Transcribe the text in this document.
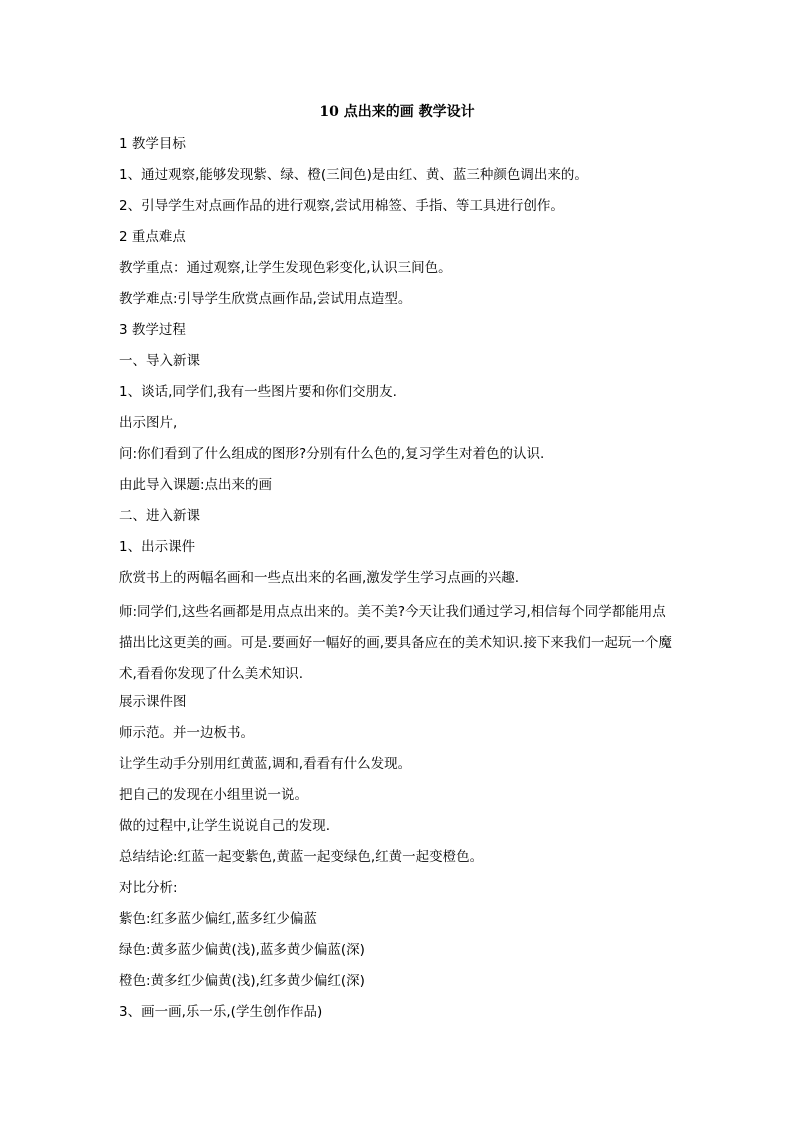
10 点出来的画 教学设计
1 教学目标
1、通过观察,能够发现紫、绿、橙(三间色)是由红、黄、蓝三种颜色调出来的。
2、引导学生对点画作品的进行观察,尝试用棉签、手指、等工具进行创作。
2 重点难点
教学重点：通过观察,让学生发现色彩变化,认识三间色。
教学难点:引导学生欣赏点画作品,尝试用点造型。
3 教学过程
一、导入新课
1、谈话,同学们,我有一些图片要和你们交朋友.
出示图片,
问:你们看到了什么组成的图形?分别有什么色的,复习学生对着色的认识.
由此导入课题:点出来的画
二、进入新课
1、出示课件
欣赏书上的两幅名画和一些点出来的名画,激发学生学习点画的兴趣.
师:同学们,这些名画都是用点点出来的。美不美?今天让我们通过学习,相信每个同学都能用点描出比这更美的画。可是.要画好一幅好的画,要具备应在的美术知识.接下来我们一起玩一个魔术,看看你发现了什么美术知识.
展示课件图
师示范。并一边板书。
让学生动手分别用红黄蓝,调和,看看有什么发现。
把自己的发现在小组里说一说。
做的过程中,让学生说说自己的发现.
总结结论:红蓝一起变紫色,黄蓝一起变绿色,红黄一起变橙色。
对比分析:
紫色:红多蓝少偏红,蓝多红少偏蓝
绿色:黄多蓝少偏黄(浅),蓝多黄少偏蓝(深)
橙色:黄多红少偏黄(浅),红多黄少偏红(深)
3、画一画,乐一乐,(学生创作作品)
